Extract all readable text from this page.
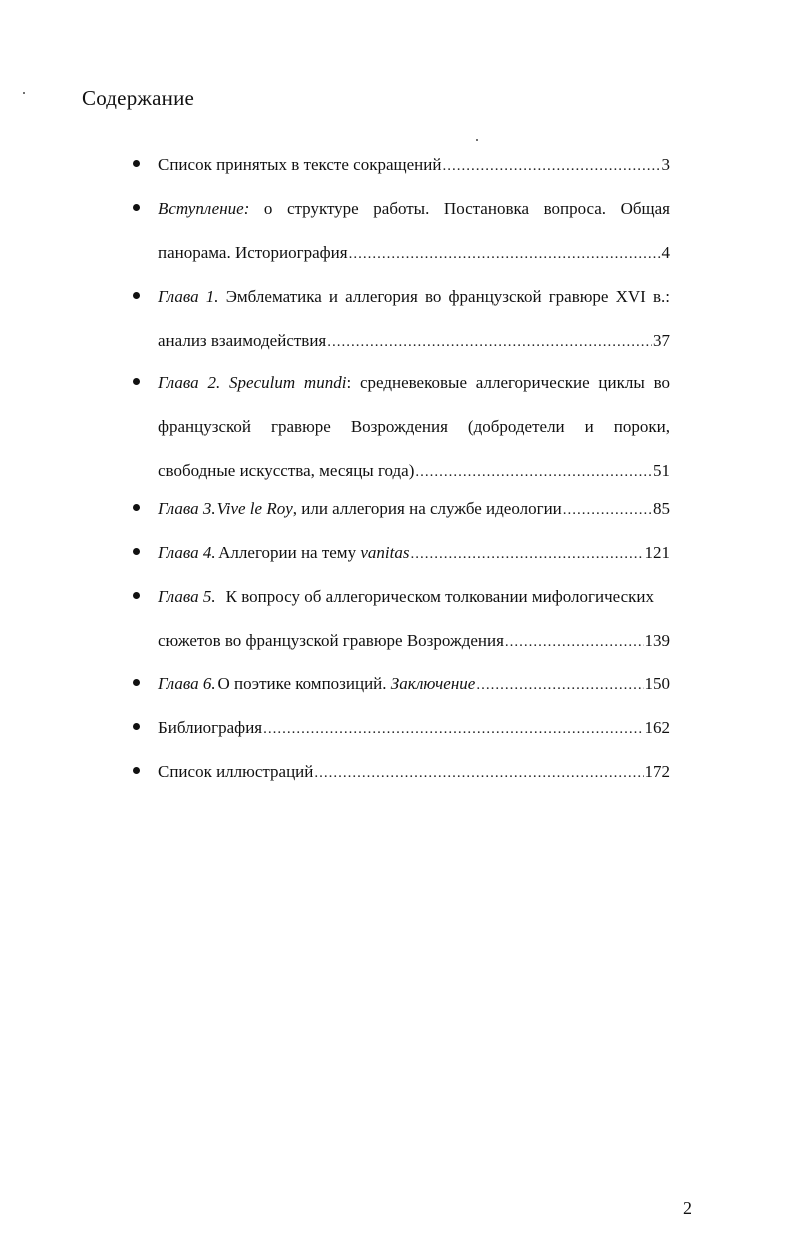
Содержание
Список принятых в тексте сокращений .....	3
Вступление: о структуре работы. Постановка вопроса. Общая
панорама. Историография .....	4
Глава 1. Эмблематика и аллегория во французской гравюре XVI в.:
анализ взаимодействия .....	37
Глава 2. Speculum mundi: средневековые аллегорические циклы во
французской гравюре Возрождения (добродетели и пороки,
свободные искусства, месяцы года) .....	51
Глава 3. Vive le Roy , или аллегория на службе идеологии .....	85
Глава 4. Аллегории на тему
vanitas .....	121
Глава 5. К вопросу об аллегорическом толковании мифологических
сюжетов во французской гравюре Возрождения .....	139
Глава 6. О поэтике композиций.
Заключение .....	150
Библиография .....	162
Список иллюстраций .....	172
2
